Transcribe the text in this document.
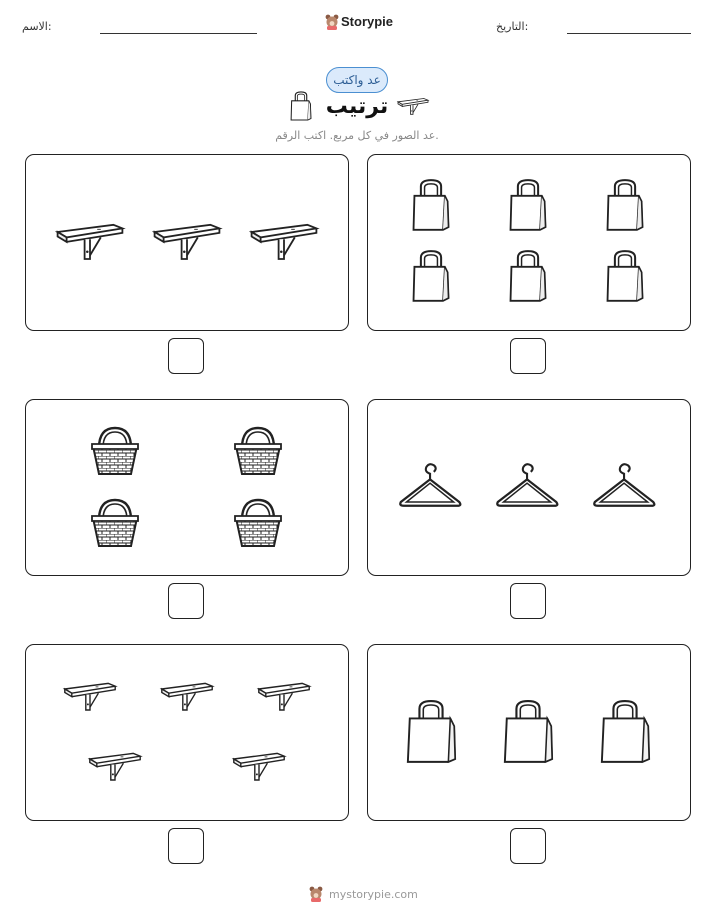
الاسم:	Storypie	التاريخ:
عد واكتب
ترتيب
عد الصور في كل مربع. اكتب الرقم.
mystorypie.com
